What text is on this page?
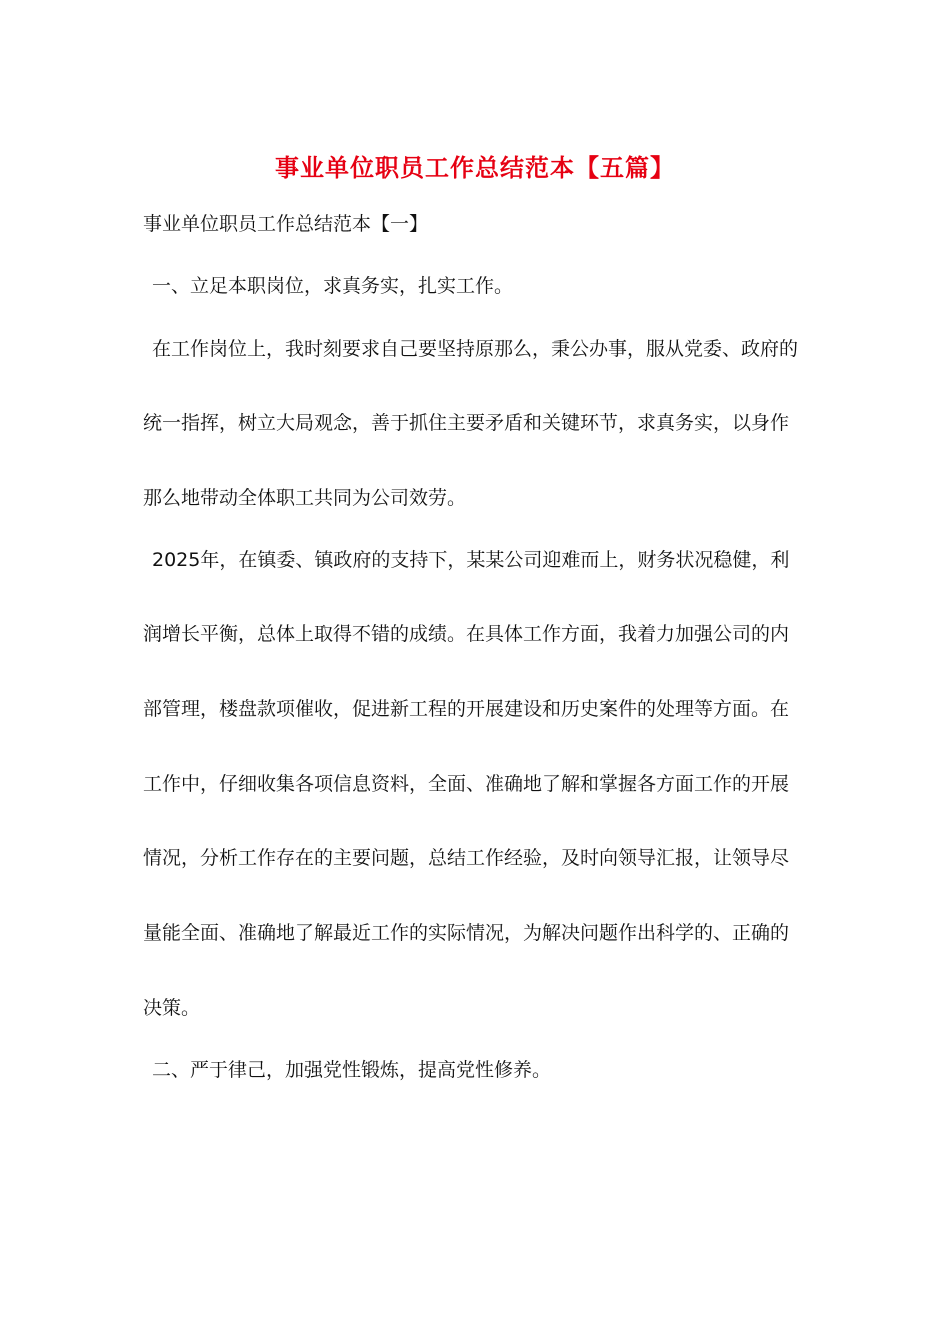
事业单位职员工作总结范本【五篇】
事业单位职员工作总结范本【一】
一、立足本职岗位，求真务实，扎实工作。
在工作岗位上，我时刻要求自己要坚持原那么，秉公办事，服从党委、政府的
统一指挥，树立大局观念，善于抓住主要矛盾和关键环节，求真务实，以身作
那么地带动全体职工共同为公司效劳。
2025年，在镇委、镇政府的支持下，某某公司迎难而上，财务状况稳健，利
润增长平衡，总体上取得不错的成绩。在具体工作方面，我着力加强公司的内
部管理，楼盘款项催收，促进新工程的开展建设和历史案件的处理等方面。在
工作中，仔细收集各项信息资料，全面、准确地了解和掌握各方面工作的开展
情况，分析工作存在的主要问题，总结工作经验，及时向领导汇报，让领导尽
量能全面、准确地了解最近工作的实际情况，为解决问题作出科学的、正确的
决策。
二、严于律己，加强党性锻炼，提高党性修养。
